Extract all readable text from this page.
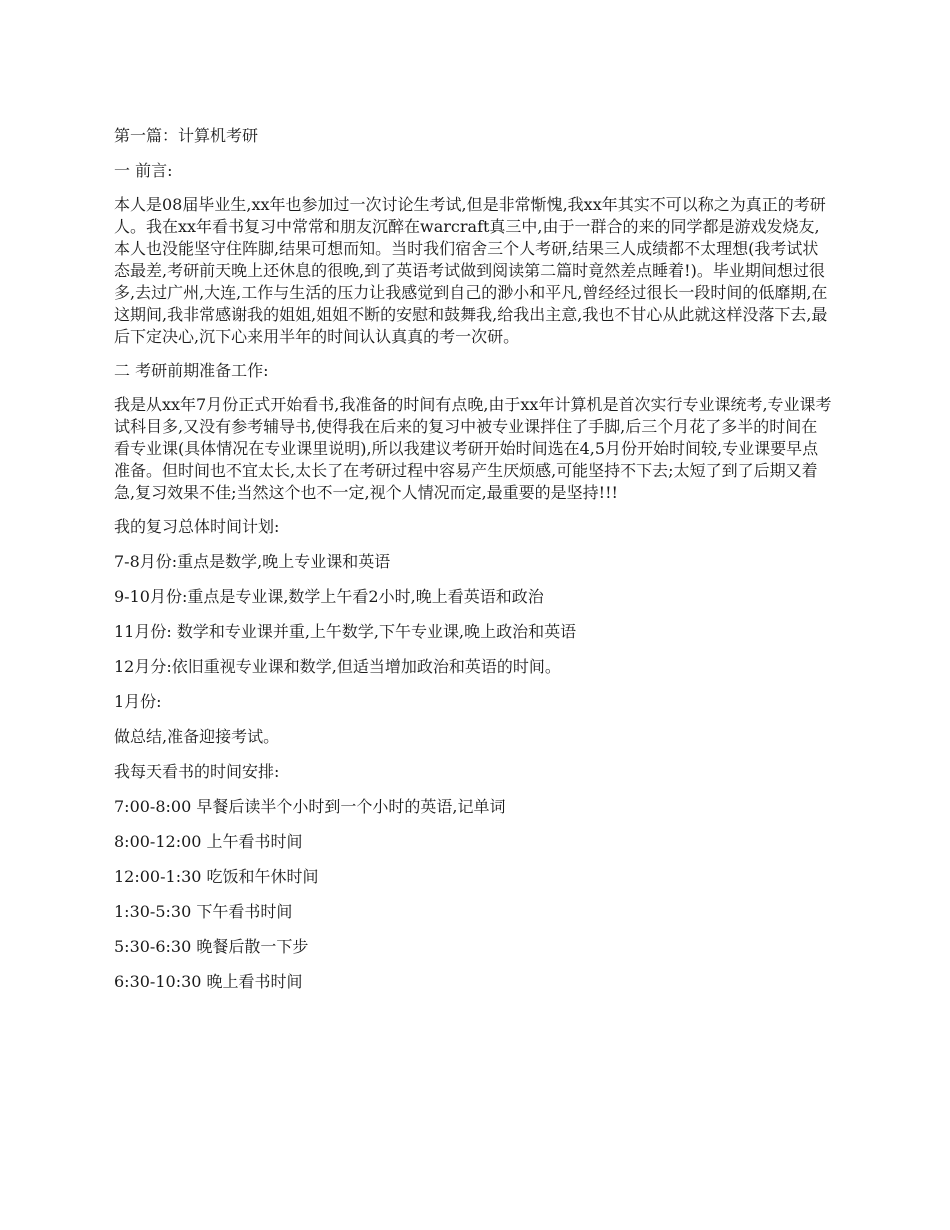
第一篇：计算机考研

一 前言:

本人是08届毕业生,xx年也参加过一次讨论生考试,但是非常惭愧,我xx年其实不可以称之为真正的考研人。我在xx年看书复习中常常和朋友沉醉在warcraft真三中,由于一群合的来的同学都是游戏发烧友,本人也没能坚守住阵脚,结果可想而知。当时我们宿舍三个人考研,结果三人成绩都不太理想(我考试状态最差,考研前天晚上还休息的很晚,到了英语考试做到阅读第二篇时竟然差点睡着!)。毕业期间想过很多,去过广州,大连,工作与生活的压力让我感觉到自己的渺小和平凡,曾经经过很长一段时间的低靡期,在这期间,我非常感谢我的姐姐,姐姐不断的安慰和鼓舞我,给我出主意,我也不甘心从此就这样没落下去,最后下定决心,沉下心来用半年的时间认认真真的考一次研。

二 考研前期准备工作:

我是从xx年7月份正式开始看书,我准备的时间有点晚,由于xx年计算机是首次实行专业课统考,专业课考试科目多,又没有参考辅导书,使得我在后来的复习中被专业课拌住了手脚,后三个月花了多半的时间在看专业课(具体情况在专业课里说明),所以我建议考研开始时间选在4,5月份开始时间较,专业课要早点准备。但时间也不宜太长,太长了在考研过程中容易产生厌烦感,可能坚持不下去;太短了到了后期又着急,复习效果不佳;当然这个也不一定,视个人情况而定,最重要的是坚持!!!

我的复习总体时间计划:

7-8月份:重点是数学,晚上专业课和英语

9-10月份:重点是专业课,数学上午看2小时,晚上看英语和政治

11月份: 数学和专业课并重,上午数学,下午专业课,晚上政治和英语

12月分:依旧重视专业课和数学,但适当增加政治和英语的时间。

1月份:

做总结,准备迎接考试。

我每天看书的时间安排:

7:00-8:00 早餐后读半个小时到一个小时的英语,记单词

8:00-12:00 上午看书时间

12:00-1:30 吃饭和午休时间

1:30-5:30 下午看书时间

5:30-6:30 晚餐后散一下步

6:30-10:30 晚上看书时间
